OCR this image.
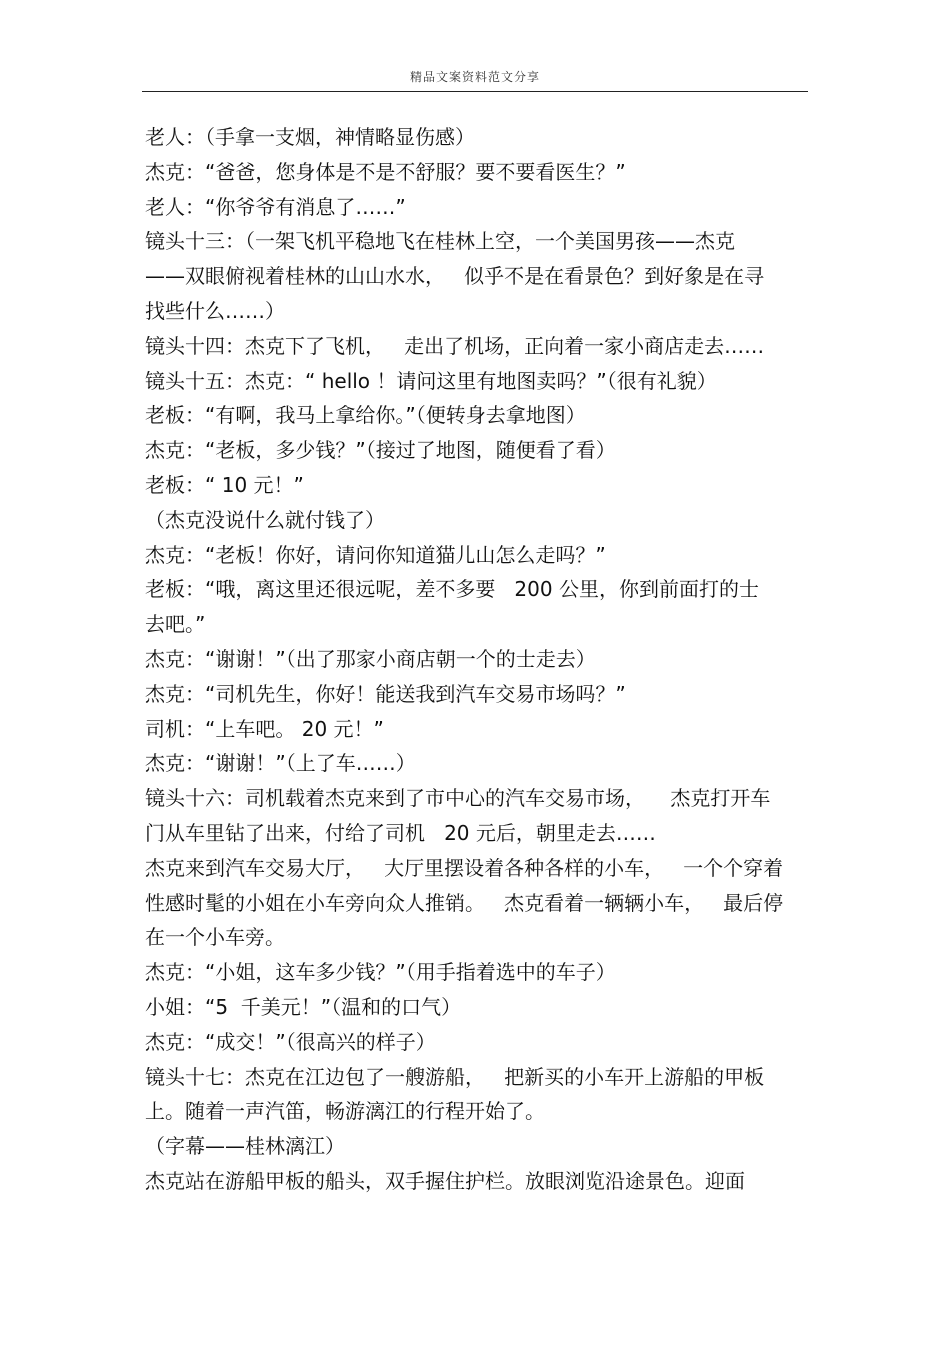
精品文案资料范文分享
老人：（手拿一支烟，神情略显伤感）
杰克：“爸爸，您身体是不是不舒服？要不要看医生？”
老人：“你爷爷有消息了……”
镜头十三：（一架飞机平稳地飞在桂林上空，一个美国男孩——杰克
——双眼俯视着桂林的山山水水，   似乎不是在看景色？到好象是在寻
找些什么……）
镜头十四：杰克下了飞机，   走出了机场，正向着一家小商店走去……
镜头十五：杰克：“ hello ！请问这里有地图卖吗？”（很有礼貌）
老板：“有啊，我马上拿给你。”（便转身去拿地图）
杰克：“老板，多少钱？”（接过了地图，随便看了看）
老板：“ 10 元！”
（杰克没说什么就付钱了）
杰克：“老板！你好，请问你知道猫儿山怎么走吗？”
老板：“哦，离这里还很远呢，差不多要   200 公里，你到前面打的士
去吧。”
杰克：“谢谢！”（出了那家小商店朝一个的士走去）
杰克：“司机先生，你好！能送我到汽车交易市场吗？”
司机：“上车吧。 20 元！”
杰克：“谢谢！”（上了车……）
镜头十六：司机载着杰克来到了市中心的汽车交易市场，    杰克打开车
门从车里钻了出来，付给了司机   20 元后，朝里走去……
杰克来到汽车交易大厅，   大厅里摆设着各种各样的小车，   一个个穿着
性感时髦的小姐在小车旁向众人推销。   杰克看着一辆辆小车，   最后停
在一个小车旁。
杰克：“小姐，这车多少钱？”（用手指着选中的车子）
小姐：“5  千美元！”（温和的口气）
杰克：“成交！”（很高兴的样子）
镜头十七：杰克在江边包了一艘游船，   把新买的小车开上游船的甲板
上。随着一声汽笛，畅游漓江的行程开始了。
（字幕——桂林漓江）
杰克站在游船甲板的船头，双手握住护栏。放眼浏览沿途景色。迎面
